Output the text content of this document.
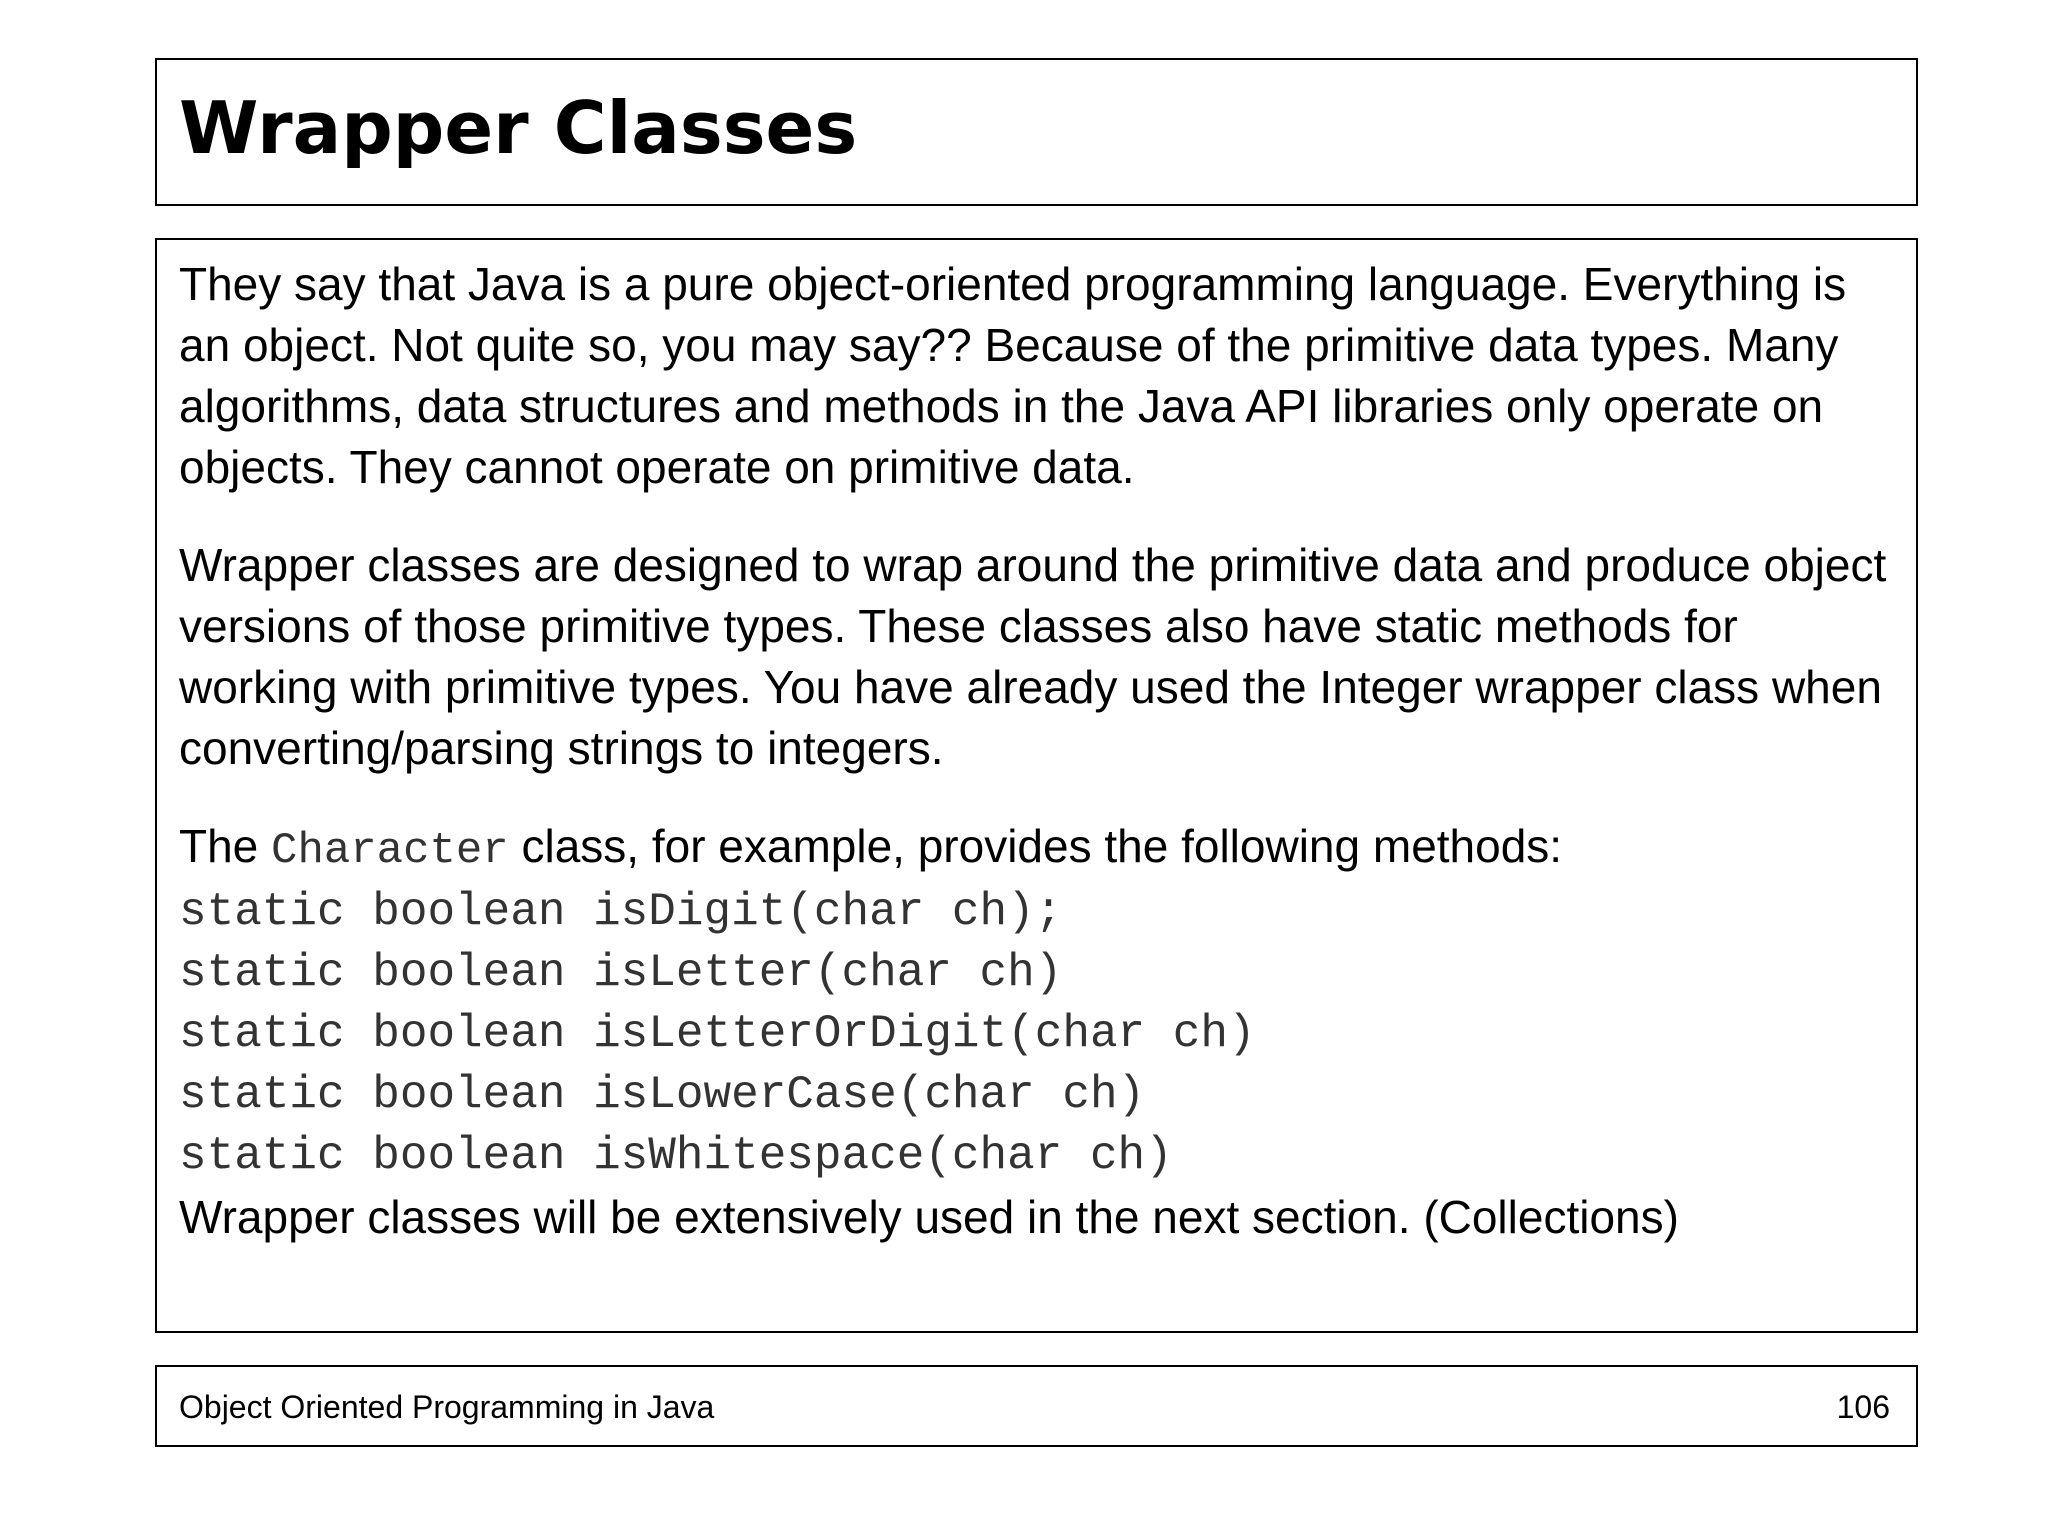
Wrapper Classes

They say that Java is a pure object-oriented programming language. Everything is an object. Not quite so, you may say?? Because of the primitive data types. Many algorithms, data structures and methods in the Java API libraries only operate on objects. They cannot operate on primitive data.

Wrapper classes are designed to wrap around the primitive data and produce object versions of those primitive types. These classes also have static methods for working with primitive types. You have already used the Integer wrapper class when converting/parsing strings to integers.

The Character class, for example, provides the following methods:

static boolean isDigit(char ch);
static boolean isLetter(char ch)
static boolean isLetterOrDigit(char ch)
static boolean isLowerCase(char ch)
static boolean isWhitespace(char ch)

Wrapper classes will be extensively used in the next section. (Collections)

Object Oriented Programming in Java	106
